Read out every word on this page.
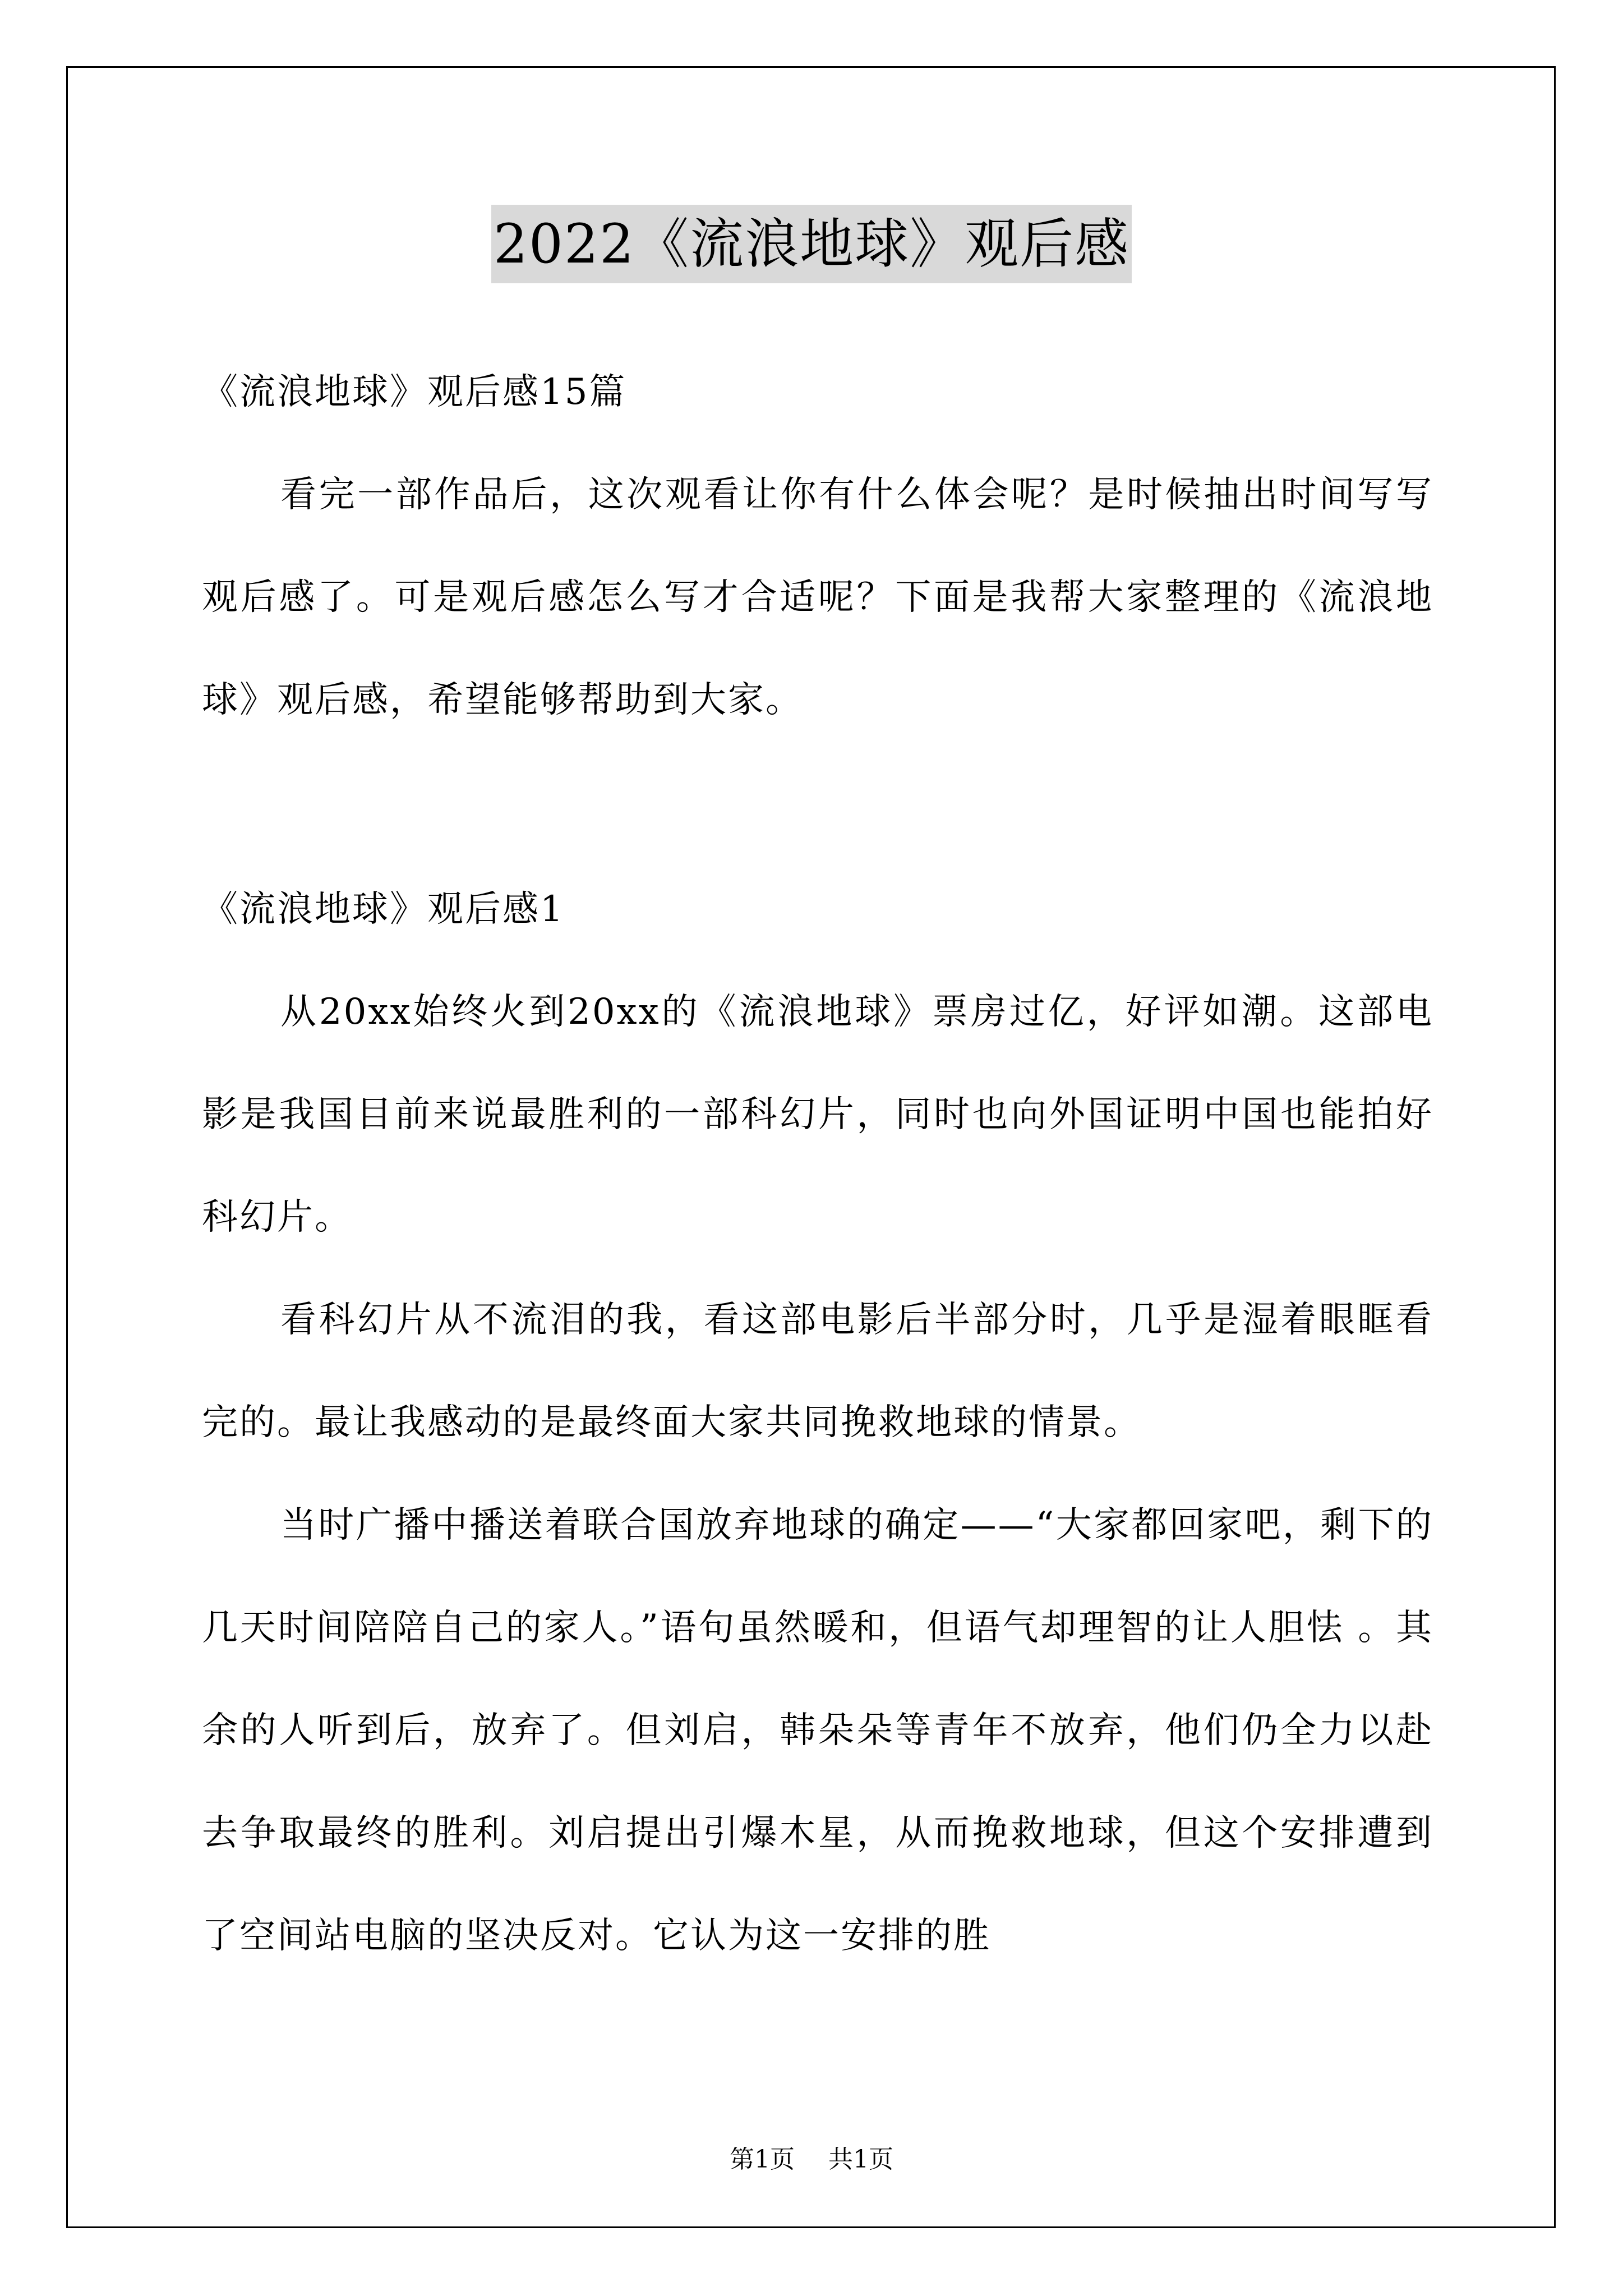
2022《流浪地球》观后感

《流浪地球》观后感15篇

看完一部作品后，这次观看让你有什么体会呢？是时候抽出时间写写观后感了。可是观后感怎么写才合适呢？下面是我帮大家整理的《流浪地球》观后感，希望能够帮助到大家。

《流浪地球》观后感1

从20xx始终火到20xx的《流浪地球》票房过亿，好评如潮。这部电影是我国目前来说最胜利的一部科幻片，同时也向外国证明中国也能拍好科幻片。

看科幻片从不流泪的我，看这部电影后半部分时，几乎是湿着眼眶看完的。最让我感动的是最终面大家共同挽救地球的情景。

当时广播中播送着联合国放弃地球的确定——“大家都回家吧，剩下的几天时间陪陪自己的家人。”语句虽然暖和，但语气却理智的让人胆怯 。其余的人听到后，放弃了。但刘启，韩朵朵等青年不放弃，他们仍全力以赴去争取最终的胜利。刘启提出引爆木星，从而挽救地球，但这个安排遭到了空间站电脑的坚决反对。它认为这一安排的胜

第1页 共1页
